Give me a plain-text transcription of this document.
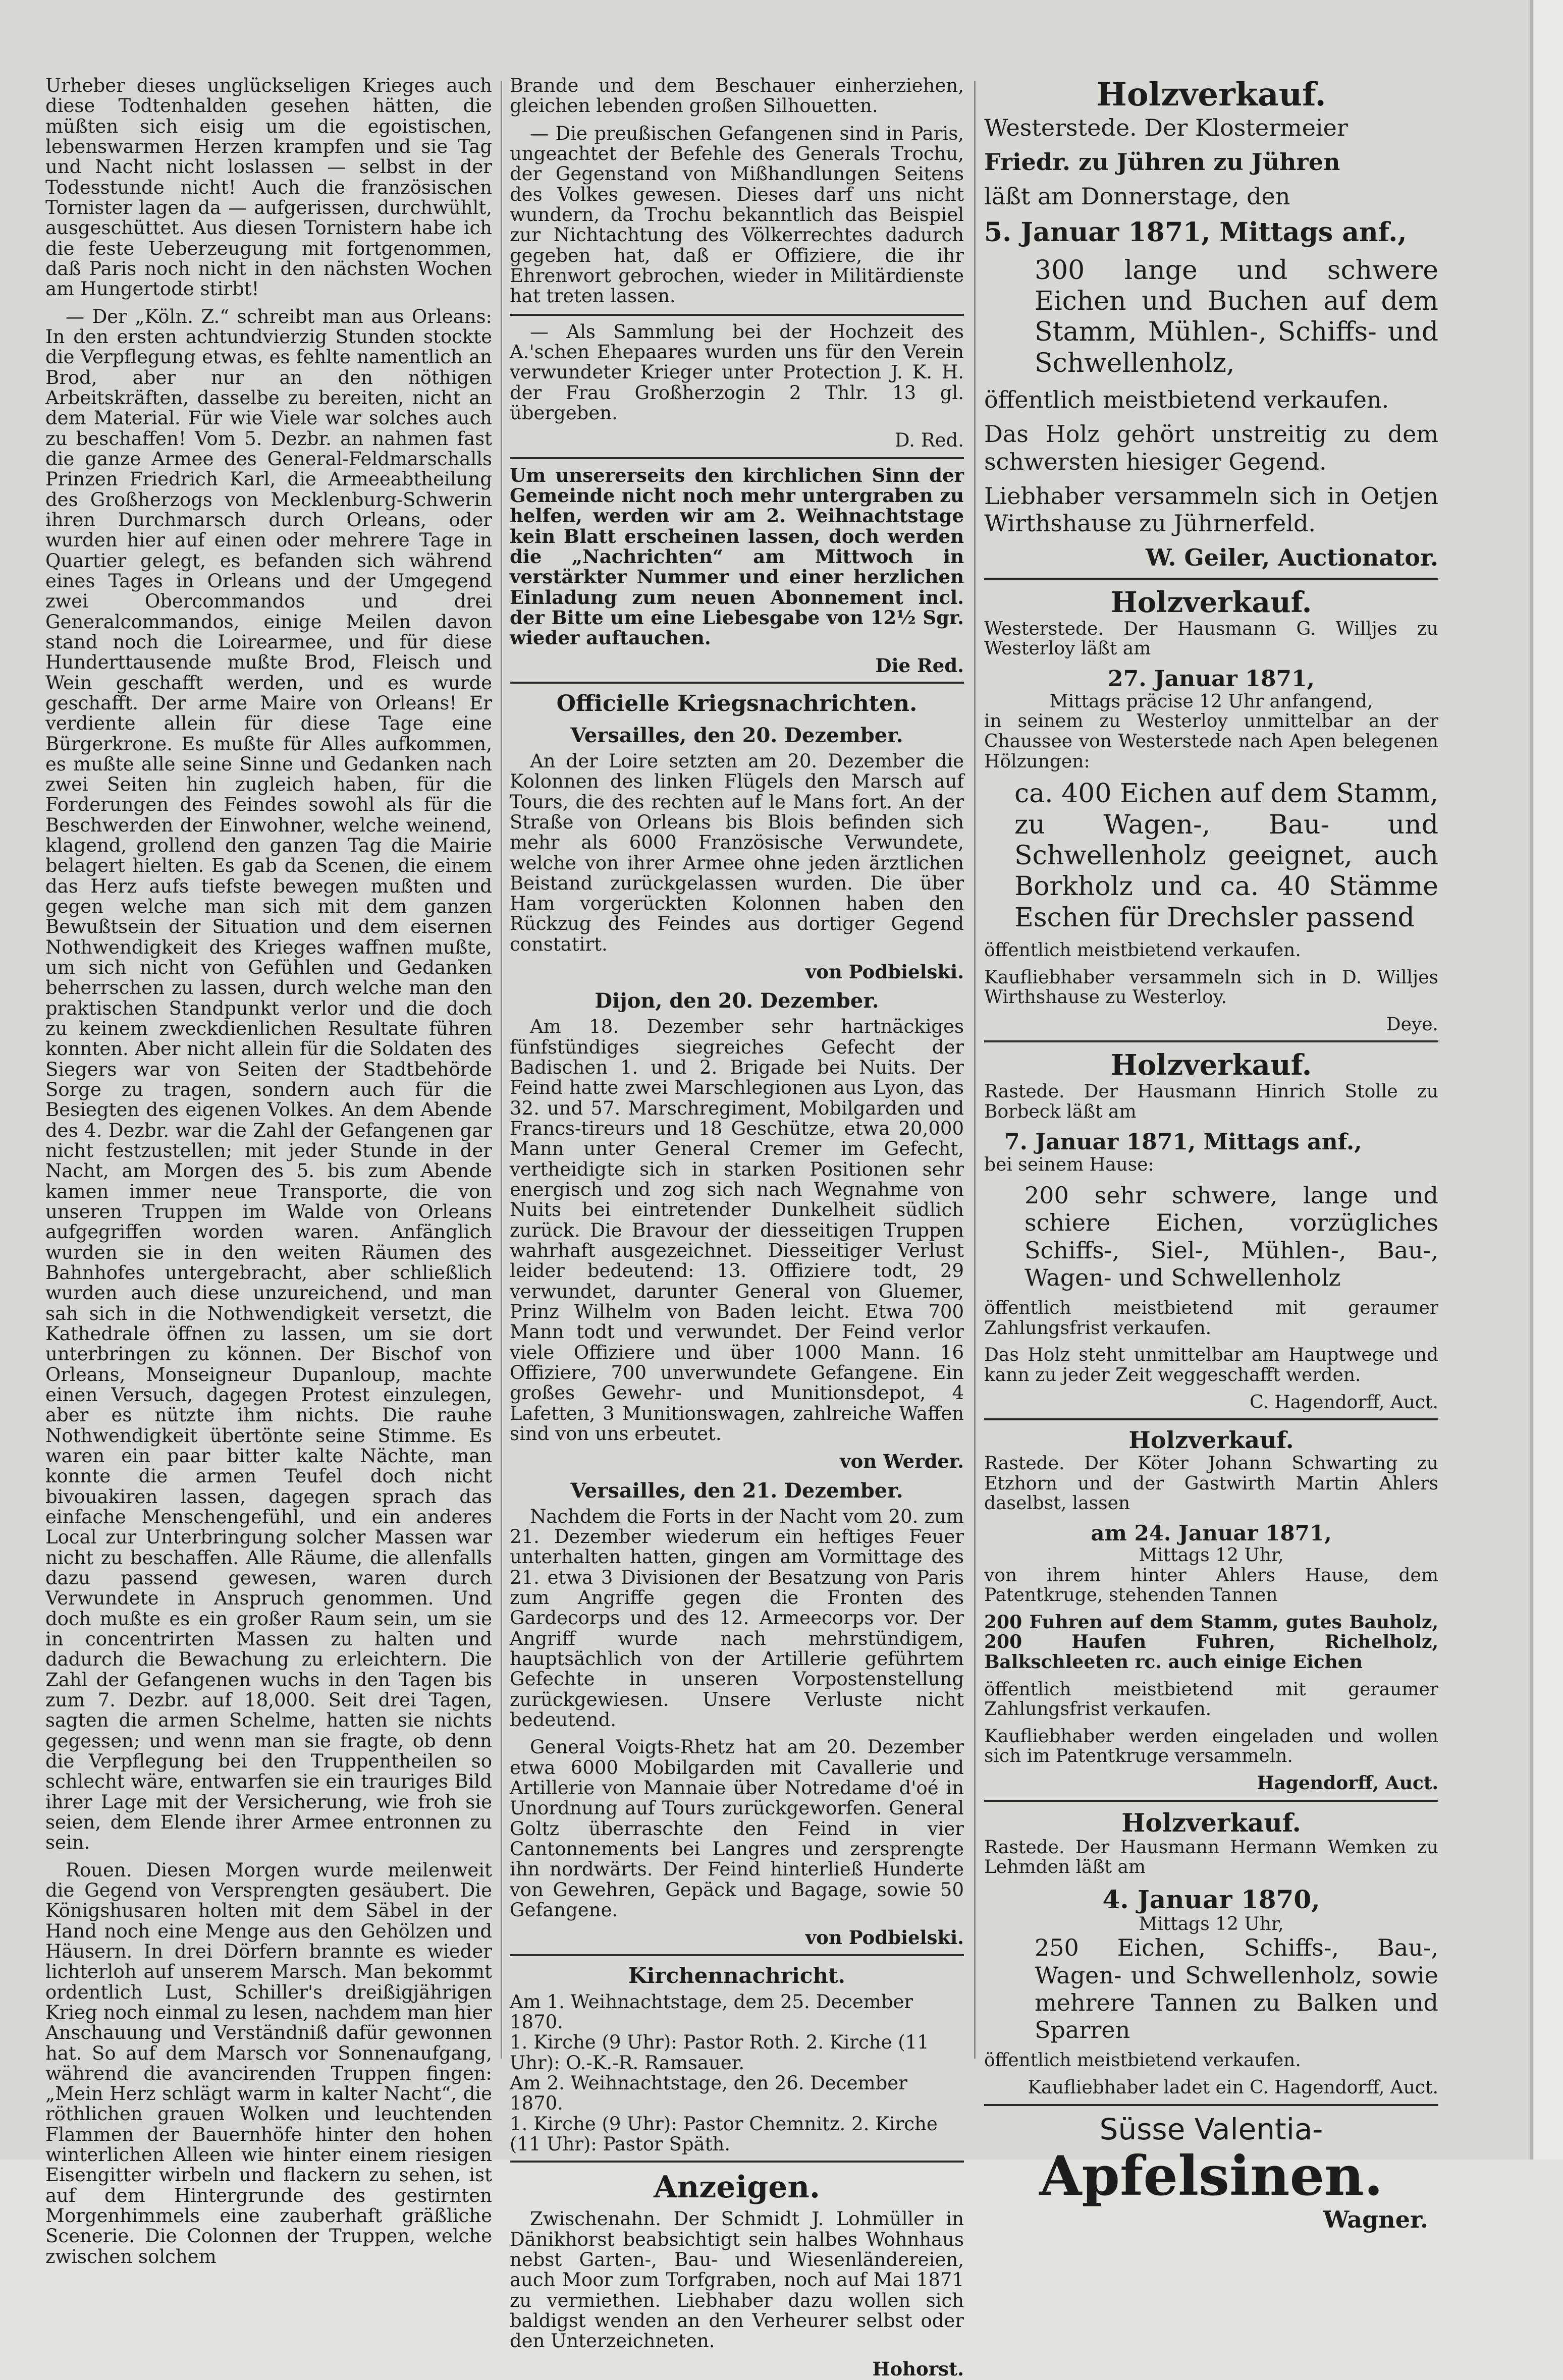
Urheber dieses unglückseligen Krieges auch diese Todtenhalden gesehen hätten, die müßten sich eisig um die egoistischen, lebenswarmen Herzen krampfen und sie Tag und Nacht nicht loslassen — selbst in der Todesstunde nicht! Auch die französischen Tornister lagen da — aufgerissen, durchwühlt, ausgeschüttet. Aus diesen Tornistern habe ich die feste Ueberzeugung mit fortgenommen, daß Paris noch nicht in den nächsten Wochen am Hungertode stirbt!

— Der „Köln. Z.“ schreibt man aus Orleans: In den ersten achtundvierzig Stunden stockte die Verpflegung etwas, es fehlte namentlich an Brod, aber nur an den nöthigen Arbeitskräften, dasselbe zu bereiten, nicht an dem Material. Für wie Viele war solches auch zu beschaffen! Vom 5. Dezbr. an nahmen fast die ganze Armee des General-Feldmarschalls Prinzen Friedrich Karl, die Armeeabtheilung des Großherzogs von Mecklenburg-Schwerin ihren Durchmarsch durch Orleans, oder wurden hier auf einen oder mehrere Tage in Quartier gelegt, es befanden sich während eines Tages in Orleans und der Umgegend zwei Obercommandos und drei Generalcommandos, einige Meilen davon stand noch die Loirearmee, und für diese Hunderttausende mußte Brod, Fleisch und Wein geschafft werden, und es wurde geschafft. Der arme Maire von Orleans! Er verdiente allein für diese Tage eine Bürgerkrone. Es mußte für Alles aufkommen, es mußte alle seine Sinne und Gedanken nach zwei Seiten hin zugleich haben, für die Forderungen des Feindes sowohl als für die Beschwerden der Einwohner, welche weinend, klagend, grollend den ganzen Tag die Mairie belagert hielten. Es gab da Scenen, die einem das Herz aufs tiefste bewegen mußten und gegen welche man sich mit dem ganzen Bewußtsein der Situation und dem eisernen Nothwendigkeit des Krieges waffnen mußte, um sich nicht von Gefühlen und Gedanken beherrschen zu lassen, durch welche man den praktischen Standpunkt verlor und die doch zu keinem zweckdienlichen Resultate führen konnten. Aber nicht allein für die Soldaten des Siegers war von Seiten der Stadtbehörde Sorge zu tragen, sondern auch für die Besiegten des eigenen Volkes. An dem Abende des 4. Dezbr. war die Zahl der Gefangenen gar nicht festzustellen; mit jeder Stunde in der Nacht, am Morgen des 5. bis zum Abende kamen immer neue Transporte, die von unseren Truppen im Walde von Orleans aufgegriffen worden waren. Anfänglich wurden sie in den weiten Räumen des Bahnhofes untergebracht, aber schließlich wurden auch diese unzureichend, und man sah sich in die Nothwendigkeit versetzt, die Kathedrale öffnen zu lassen, um sie dort unterbringen zu können. Der Bischof von Orleans, Monseigneur Dupanloup, machte einen Versuch, dagegen Protest einzulegen, aber es nützte ihm nichts. Die rauhe Nothwendigkeit übertönte seine Stimme. Es waren ein paar bitter kalte Nächte, man konnte die armen Teufel doch nicht bivouakiren lassen, dagegen sprach das einfache Menschengefühl, und ein anderes Local zur Unterbringung solcher Massen war nicht zu beschaffen. Alle Räume, die allenfalls dazu passend gewesen, waren durch Verwundete in Anspruch genommen. Und doch mußte es ein großer Raum sein, um sie in concentrirten Massen zu halten und dadurch die Bewachung zu erleichtern. Die Zahl der Gefangenen wuchs in den Tagen bis zum 7. Dezbr. auf 18,000. Seit drei Tagen, sagten die armen Schelme, hatten sie nichts gegessen; und wenn man sie fragte, ob denn die Verpflegung bei den Truppentheilen so schlecht wäre, entwarfen sie ein trauriges Bild ihrer Lage mit der Versicherung, wie froh sie seien, dem Elende ihrer Armee entronnen zu sein.

Rouen. Diesen Morgen wurde meilenweit die Gegend von Versprengten gesäubert. Die Königshusaren holten mit dem Säbel in der Hand noch eine Menge aus den Gehölzen und Häusern. In drei Dörfern brannte es wieder lichterloh auf unserem Marsch. Man bekommt ordentlich Lust, Schiller's dreißigjährigen Krieg noch einmal zu lesen, nachdem man hier Anschauung und Verständniß dafür gewonnen hat. So auf dem Marsch vor Sonnenaufgang, während die avancirenden Truppen fingen: „Mein Herz schlägt warm in kalter Nacht“, die röthlichen grauen Wolken und leuchtenden Flammen der Bauernhöfe hinter den hohen winterlichen Alleen wie hinter einem riesigen Eisengitter wirbeln und flackern zu sehen, ist auf dem Hintergrunde des gestirnten Morgenhimmels eine zauberhaft gräßliche Scenerie. Die Colonnen der Truppen, welche zwischen solchem

Brande und dem Beschauer einherziehen, gleichen lebenden großen Silhouetten.

— Die preußischen Gefangenen sind in Paris, ungeachtet der Befehle des Generals Trochu, der Gegenstand von Mißhandlungen Seitens des Volkes gewesen. Dieses darf uns nicht wundern, da Trochu bekanntlich das Beispiel zur Nichtachtung des Völkerrechtes dadurch gegeben hat, daß er Offiziere, die ihr Ehrenwort gebrochen, wieder in Militärdienste hat treten lassen.

— Als Sammlung bei der Hochzeit des A.'schen Ehepaares wurden uns für den Verein verwundeter Krieger unter Protection J. K. H. der Frau Großherzogin 2 Thlr. 13 gl. übergeben.

D. Red.

Um unsererseits den kirchlichen Sinn der Gemeinde nicht noch mehr untergraben zu helfen, werden wir am 2. Weihnachtstage kein Blatt erscheinen lassen, doch werden die „Nachrichten“ am Mittwoch in verstärkter Nummer und einer herzlichen Einladung zum neuen Abonnement incl. der Bitte um eine Liebesgabe von 12½ Sgr. wieder auftauchen.

Die Red.
Officielle Kriegsnachrichten.
Versailles, den 20. Dezember.

An der Loire setzten am 20. Dezember die Kolonnen des linken Flügels den Marsch auf Tours, die des rechten auf le Mans fort. An der Straße von Orleans bis Blois befinden sich mehr als 6000 Französische Verwundete, welche von ihrer Armee ohne jeden ärztlichen Beistand zurückgelassen wurden. Die über Ham vorgerückten Kolonnen haben den Rückzug des Feindes aus dortiger Gegend constatirt.

von Podbielski.
Dijon, den 20. Dezember.

Am 18. Dezember sehr hartnäckiges fünfstündiges siegreiches Gefecht der Badischen 1. und 2. Brigade bei Nuits. Der Feind hatte zwei Marschlegionen aus Lyon, das 32. und 57. Marschregiment, Mobilgarden und Francs-tireurs und 18 Geschütze, etwa 20,000 Mann unter General Cremer im Gefecht, vertheidigte sich in starken Positionen sehr energisch und zog sich nach Wegnahme von Nuits bei eintretender Dunkelheit südlich zurück. Die Bravour der diesseitigen Truppen wahrhaft ausgezeichnet. Diesseitiger Verlust leider bedeutend: 13. Offiziere todt, 29 verwundet, darunter General von Gluemer, Prinz Wilhelm von Baden leicht. Etwa 700 Mann todt und verwundet. Der Feind verlor viele Offiziere und über 1000 Mann. 16 Offiziere, 700 unverwundete Gefangene. Ein großes Gewehr- und Munitionsdepot, 4 Lafetten, 3 Munitionswagen, zahlreiche Waffen sind von uns erbeutet.

von Werder.
Versailles, den 21. Dezember.

Nachdem die Forts in der Nacht vom 20. zum 21. Dezember wiederum ein heftiges Feuer unterhalten hatten, gingen am Vormittage des 21. etwa 3 Divisionen der Besatzung von Paris zum Angriffe gegen die Fronten des Gardecorps und des 12. Armeecorps vor. Der Angriff wurde nach mehrstündigem, hauptsächlich von der Artillerie geführtem Gefechte in unseren Vorpostenstellung zurückgewiesen. Unsere Verluste nicht bedeutend.

General Voigts-Rhetz hat am 20. Dezember etwa 6000 Mobilgarden mit Cavallerie und Artillerie von Mannaie über Notredame d'oé in Unordnung auf Tours zurückgeworfen. General Goltz überraschte den Feind in vier Cantonnements bei Langres und zersprengte ihn nordwärts. Der Feind hinterließ Hunderte von Gewehren, Gepäck und Bagage, sowie 50 Gefangene.

von Podbielski.
Kirchennachricht.
Am 1. Weihnachtstage, dem 25. December 1870.
1. Kirche (9 Uhr): Pastor Roth. 2. Kirche (11 Uhr): O.-K.-R. Ramsauer.
Am 2. Weihnachtstage, den 26. December 1870.
1. Kirche (9 Uhr): Pastor Chemnitz. 2. Kirche (11 Uhr): Pastor Späth.
Anzeigen.

Zwischenahn. Der Schmidt J. Lohmüller in Dänikhorst beabsichtigt sein halbes Wohnhaus nebst Garten-, Bau- und Wiesenländereien, auch Moor zum Torfgraben, noch auf Mai 1871 zu vermiethen. Liebhaber dazu wollen sich baldigst wenden an den Verheurer selbst oder den Unterzeichneten.

Hohorst.
Holzverkauf.

Westerstede. Der Klostermeier

Friedr. zu Jühren zu Jühren

läßt am Donnerstage, den

5. Januar 1871, Mittags anf.,

300 lange und schwere Eichen und Buchen auf dem Stamm, Mühlen-, Schiffs- und Schwellenholz,

öffentlich meistbietend verkaufen.

Das Holz gehört unstreitig zu dem schwersten hiesiger Gegend.

Liebhaber versammeln sich in Oetjen Wirthshause zu Jührnerfeld.

W. Geiler, Auctionator.
Holzverkauf.

Westerstede. Der Hausmann G. Willjes zu Westerloy läßt am

27. Januar 1871,
Mittags präcise 12 Uhr anfangend,

in seinem zu Westerloy unmittelbar an der Chaussee von Westerstede nach Apen belegenen Hölzungen:

ca. 400 Eichen auf dem Stamm, zu Wagen-, Bau- und Schwellenholz geeignet, auch Borkholz und ca. 40 Stämme Eschen für Drechsler passend

öffentlich meistbietend verkaufen.

Kaufliebhaber versammeln sich in D. Willjes Wirthshause zu Westerloy.

Deye.
Holzverkauf.

Rastede. Der Hausmann Hinrich Stolle zu Borbeck läßt am

7. Januar 1871, Mittags anf.,

bei seinem Hause:

200 sehr schwere, lange und schiere Eichen, vorzügliches Schiffs-, Siel-, Mühlen-, Bau-, Wagen- und Schwellenholz

öffentlich meistbietend mit geraumer Zahlungsfrist verkaufen.

Das Holz steht unmittelbar am Hauptwege und kann zu jeder Zeit weggeschafft werden.

C. Hagendorff, Auct.
Holzverkauf.

Rastede. Der Köter Johann Schwarting zu Etzhorn und der Gastwirth Martin Ahlers daselbst, lassen

am 24. Januar 1871,
Mittags 12 Uhr,

von ihrem hinter Ahlers Hause, dem Patentkruge, stehenden Tannen

200 Fuhren auf dem Stamm, gutes Bauholz, 200 Haufen Fuhren, Richelholz, Balkschleeten rc. auch einige Eichen

öffentlich meistbietend mit geraumer Zahlungsfrist verkaufen.

Kaufliebhaber werden eingeladen und wollen sich im Patentkruge versammeln.

Hagendorff, Auct.
Holzverkauf.

Rastede. Der Hausmann Hermann Wemken zu Lehmden läßt am

4. Januar 1870,
Mittags 12 Uhr,

250 Eichen, Schiffs-, Bau-, Wagen- und Schwellenholz, sowie mehrere Tannen zu Balken und Sparren

öffentlich meistbietend verkaufen.

Kaufliebhaber ladet ein C. Hagendorff, Auct.
Süsse Valentia-
Apfelsinen.
Wagner.
